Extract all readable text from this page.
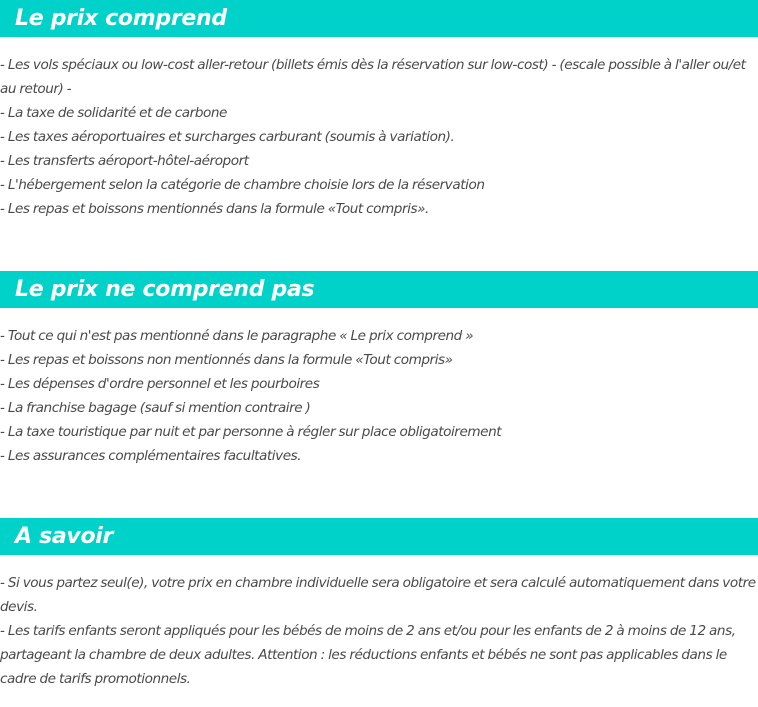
Le prix comprend
- Les vols spéciaux ou low-cost aller-retour (billets émis dès la réservation sur low-cost) - (escale possible à l'aller ou/et au retour) -
- La taxe de solidarité et de carbone
- Les taxes aéroportuaires et surcharges carburant (soumis à variation).
- Les transferts aéroport-hôtel-aéroport
- L'hébergement selon la catégorie de chambre choisie lors de la réservation
- Les repas et boissons mentionnés dans la formule «Tout compris».
Le prix ne comprend pas
- Tout ce qui n'est pas mentionné dans le paragraphe « Le prix comprend »
- Les repas et boissons non mentionnés dans la formule «Tout compris»
- Les dépenses d'ordre personnel et les pourboires
- La franchise bagage (sauf si mention contraire )
- La taxe touristique par nuit et par personne à régler sur place obligatoirement
- Les assurances complémentaires facultatives.
A savoir
- Si vous partez seul(e), votre prix en chambre individuelle sera obligatoire et sera calculé automatiquement dans votre devis.
- Les tarifs enfants seront appliqués pour les bébés de moins de 2 ans et/ou pour les enfants de 2 à moins de 12 ans, partageant la chambre de deux adultes. Attention : les réductions enfants et bébés ne sont pas applicables dans le cadre de tarifs promotionnels.
